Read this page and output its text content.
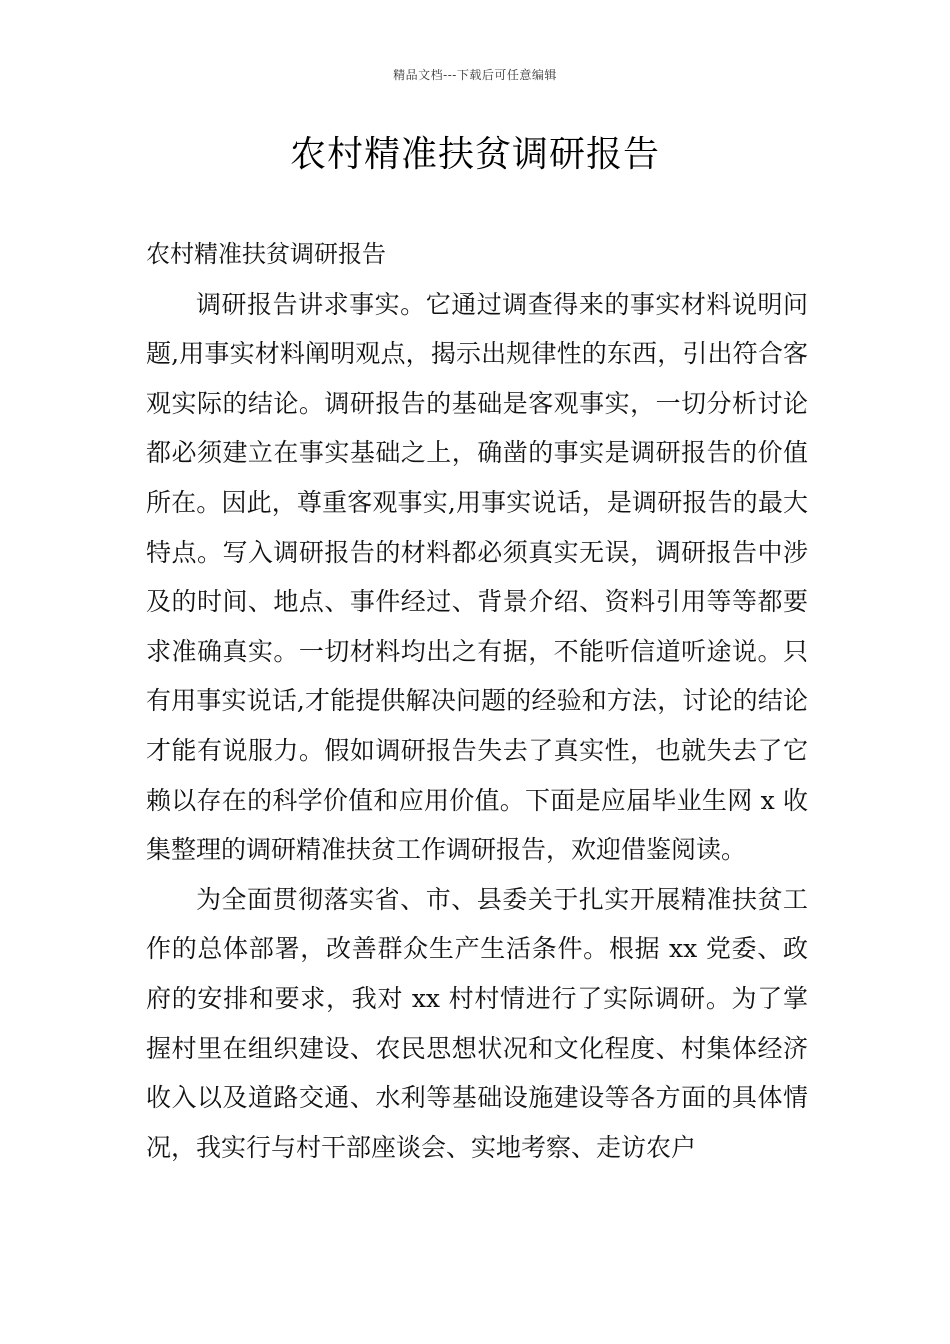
精品文档---下载后可任意编辑
农村精准扶贫调研报告

农村精准扶贫调研报告

调研报告讲求事实。它通过调查得来的事实材料说明问题,用事实材料阐明观点，揭示出规律性的东西，引出符合客观实际的结论。调研报告的基础是客观事实，一切分析讨论都必须建立在事实基础之上，确凿的事实是调研报告的价值所在。因此，尊重客观事实,用事实说话，是调研报告的最大特点。写入调研报告的材料都必须真实无误，调研报告中涉及的时间、地点、事件经过、背景介绍、资料引用等等都要求准确真实。一切材料均出之有据，不能听信道听途说。只有用事实说话,才能提供解决问题的经验和方法，讨论的结论才能有说服力。假如调研报告失去了真实性，也就失去了它赖以存在的科学价值和应用价值。下面是应届毕业生网 x 收集整理的调研精准扶贫工作调研报告，欢迎借鉴阅读。

为全面贯彻落实省、市、县委关于扎实开展精准扶贫工作的总体部署，改善群众生产生活条件。根据 xx 党委、政府的安排和要求，我对 xx 村村情进行了实际调研。为了掌握村里在组织建设、农民思想状况和文化程度、村集体经济收入以及道路交通、水利等基础设施建设等各方面的具体情况，我实行与村干部座谈会、实地考察、走访农户
